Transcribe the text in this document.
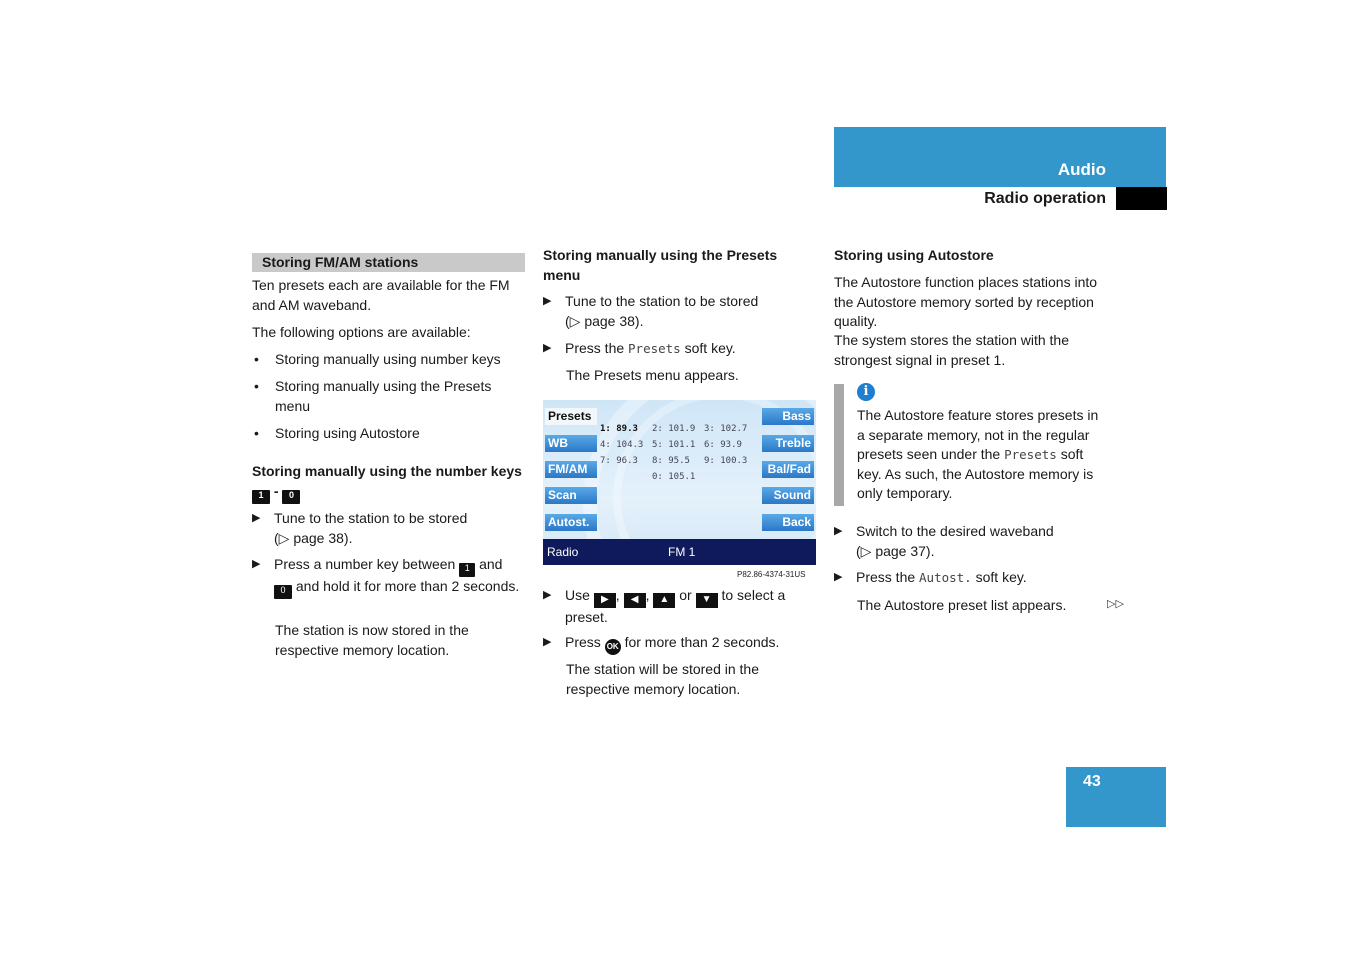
Audio
Radio operation
43
Storing FM/AM stations
Ten presets each are available for the FM and AM waveband.
The following options are available:
• Storing manually using number keys
• Storing manually using the Presets menu
• Storing using Autostore
Storing manually using the number keys 1 - 0
▶ Tune to the station to be stored
(▷ page 38).
▶ Press a number key between 1 and 0 and hold it for more than 2 seconds.
The station is now stored in the respective memory location.
Storing manually using the Presets menu
▶ Tune to the station to be stored
(▷ page 38).
▶ Press the Presets soft key.
The Presets menu appears.
Presets
WB
FM/AM
Scan
Autost.
Bass
Treble
Bal/Fad
Sound
Back
1: 89.3 2: 101.9 3: 102.7
4: 104.3 5: 101.1 6: 93.9
7: 96.3 8: 95.5 9: 100.3
0: 105.1
Radio	FM 1
P82.86-4374-31US
▶ Use ▶ , ◀ , ▲ or ▼ to select a preset.
▶ Press OK for more than 2 seconds.
The station will be stored in the respective memory location.
Storing using Autostore
The Autostore function places stations into the Autostore memory sorted by reception quality.
The system stores the station with the strongest signal in preset 1.
i
The Autostore feature stores presets in a separate memory, not in the regular presets seen under the Presets soft key. As such, the Autostore memory is only temporary.
▶ Switch to the desired waveband
(▷ page 37).
▶ Press the Autost. soft key.
The Autostore preset list appears.	▷▷
